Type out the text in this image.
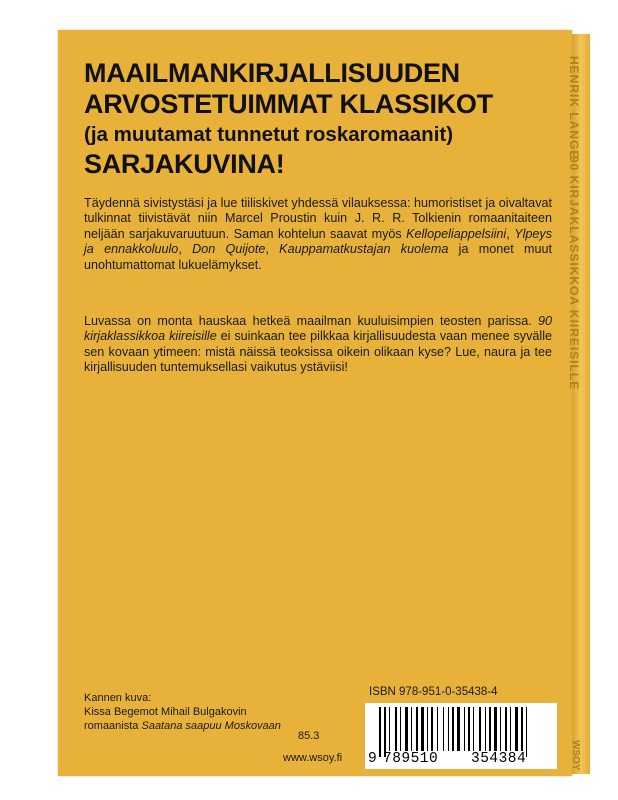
HENRIK LANGE
90 KIRJAKLASSIKKOA KIIREISILLE
WSOY
MAAILMANKIRJALLISUUDEN
ARVOSTETUIMMAT KLASSIKOT
(ja muutamat tunnetut roskaromaanit)
SARJAKUVINA!
Täydennä sivistystäsi ja lue tiiliskivet yhdessä vilauksessa: humoristiset ja oivaltavat tulkinnat tiivistävät niin Marcel Proustin kuin J. R. R. Tolkienin romaanitaiteen neljään sarjakuvaruutuun. Saman kohtelun saavat myös Kellopeliappelsiini, Ylpeys ja ennakkoluulo, Don Quijote, Kauppamatkustajan kuolema ja monet muut unohtumattomat lukuelämykset.
Luvassa on monta hauskaa hetkeä maailman kuuluisimpien teosten parissa. 90 kirjaklassikkoa kiireisille ei suinkaan tee pilkkaa kirjallisuudesta vaan menee syvälle sen kovaan ytimeen: mistä näissä teoksissa oikein olikaan kyse? Lue, naura ja tee kirjallisuuden tuntemuksellasi vaikutus ystäviisi!
Kannen kuva:
Kissa Begemot Mihail Bulgakovin
romaanista Saatana saapuu Moskovaan
ISBN 978-951-0-35438-4
85.3
www.wsoy.fi 9 789510 354384
